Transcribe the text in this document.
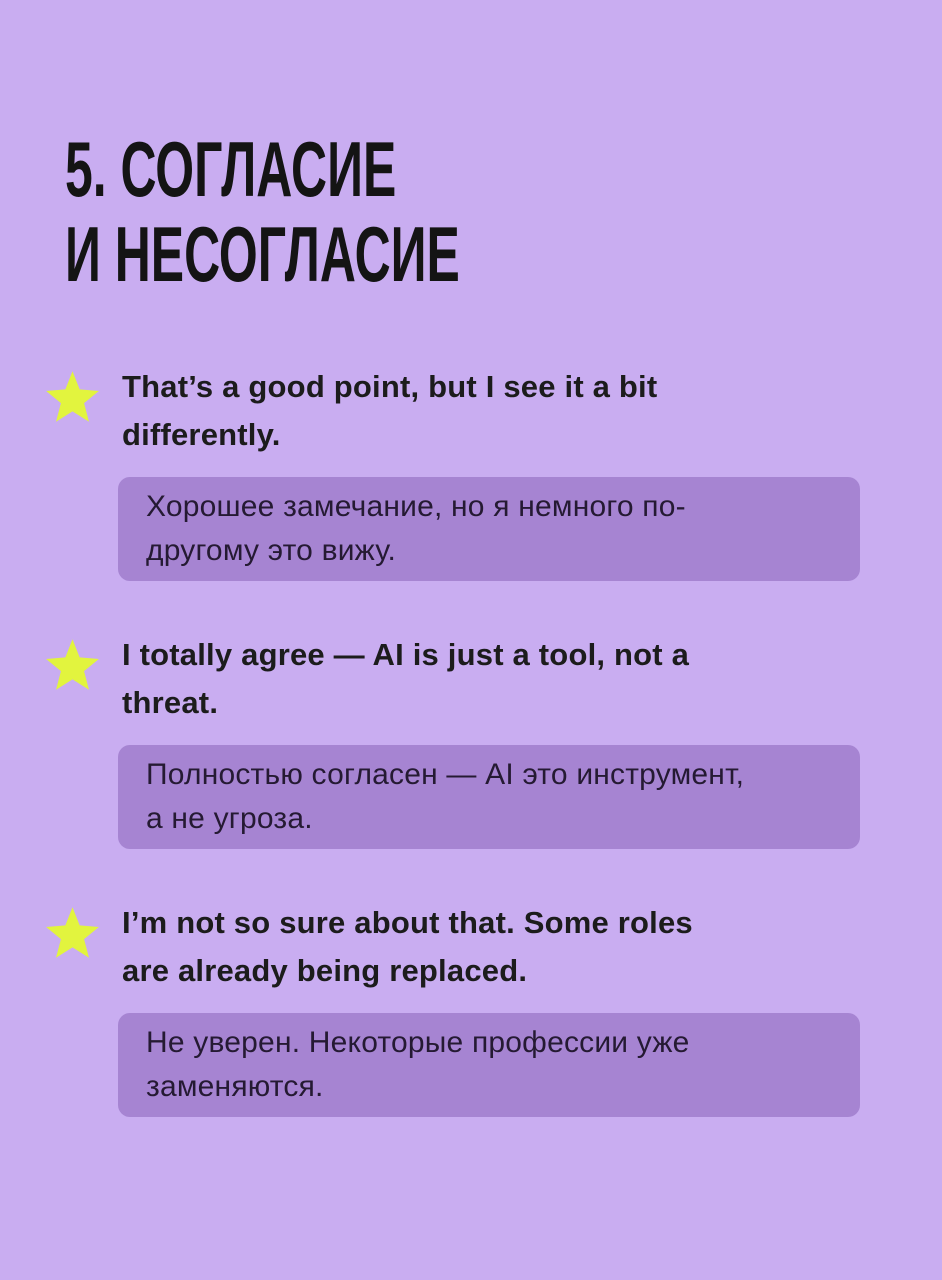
5. СОГЛАСИЕ
И НЕСОГЛАСИЕ

That’s a good point, but I see it a bit
differently.

Хорошее замечание, но я немного по-
другому это вижу.

I totally agree — AI is just a tool, not a
threat.

Полностью согласен — AI это инструмент,
а не угроза.

I’m not so sure about that. Some roles
are already being replaced.

Не уверен. Некоторые профессии уже
заменяются.
